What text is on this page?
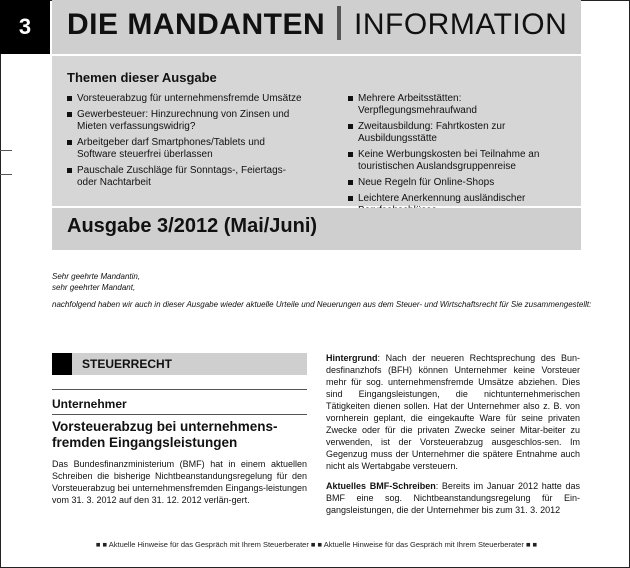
3	DIE MANDANTEN INFORMATION
Themen dieser Ausgabe
Vorsteuerabzug für unternehmensfremde Umsätze
Gewerbesteuer: Hinzurechnung von Zinsen und Mieten verfassungswidrig?
Arbeitgeber darf Smartphones/Tablets und Software steuerfrei überlassen
Pauschale Zuschläge für Sonntags-, Feiertags- oder Nachtarbeit
Mehrere Arbeitsstätten: Verpflegungsmehraufwand
Zweitausbildung: Fahrtkosten zur Ausbildungsstätte
Keine Werbungskosten bei Teilnahme an touristischen Auslandsgruppenreise
Neue Regeln für Online-Shops
Leichtere Anerkennung ausländischer
Ausgabe 3/2012 (Mai/Juni)

Sehr geehrte Mandantin,

sehr geehrter Mandant,

nachfolgend haben wir auch in dieser Ausgabe wieder aktuelle Urteile und Neuerungen aus dem Steuer- und Wirtschaftsrecht für Sie zusammengestellt:

STEUERRECHT
Unternehmer
Vorsteuerabzug bei unternehmens-fremden Eingangsleistungen
Das Bundesfinanzministerium (BMF) hat in einem aktuellen Schreiben die bisherige Nichtbeanstandungsregelung für den Vorsteuerabzug bei unternehmensfremden Eingangs-leistungen vom 31. 3. 2012 auf den 31. 12. 2012 verlän-gert.

Hintergrund: Nach der neueren Rechtsprechung des Bun-desfinanzhofs (BFH) können Unternehmer keine Vorsteuer mehr für sog. unternehmensfremde Umsätze abziehen. Dies sind Eingangsleistungen, die nichtunternehmerischen Tätigkeiten dienen sollen. Hat der Unternehmer also z. B. von vornherein geplant, die eingekaufte Ware für seine privaten Zwecke oder für die privaten Zwecke seiner Mitar-beiter zu verwenden, ist der Vorsteuerabzug ausgeschlos-sen. Im Gegenzug muss der Unternehmer die spätere Entnahme auch nicht als Wertabgabe versteuern.

Aktuelles BMF-Schreiben: Bereits im Januar 2012 hatte das BMF eine sog. Nichtbeanstandungsregelung für Ein-gangsleistungen, die der Unternehmer bis zum 31. 3. 2012

■ ■ Aktuelle Hinweise für das Gespräch mit Ihrem Steuerberater ■ ■ Aktuelle Hinweise für das Gespräch mit Ihrem Steuerberater ■ ■
